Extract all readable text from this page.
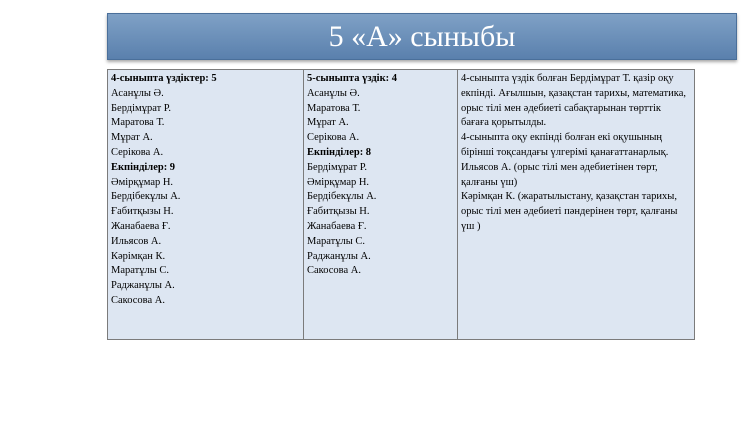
5 «А» сыныбы
4-сыныпта үздіктер: 5
Асанұлы Ә.
Бердімұрат Р.
Маратова Т.
Мұрат А.
Серікова А.
Екпінділер: 9
Әмірқұмар Н.
Бердібекұлы А.
Ғабитқызы Н.
Жанабаева Ғ.
Ильясов А.
Кәрімқан К.
Маратұлы С.
Раджанұлы А.
Сакосова А.

5-сыныпта үздік: 4
Асанұлы Ә.
Маратова Т.
Мұрат А.
Серікова А.
Екпінділер: 8
Бердімұрат Р.
Әмірқұмар Н.
Бердібекұлы А.
Ғабитқызы Н.
Жанабаева Ғ.
Маратұлы С.
Раджанұлы А.
Сакосова А.

4-сыныпта үздік болған Бердімұрат Т. қазір оқу екпінді. Ағылшын, қазақстан тарихы, математика, орыс тілі мен әдебиеті сабақтарынан төрттік бағаға қорытылды.
4-сыныпта оқу екпінді болған екі оқушының бірінші тоқсандағы үлгерімі қанағаттанарлық.
Ильясов А. (орыс тілі мен әдебиетінен төрт, қалғаны үш)
Кәрімқан К. (жаратылыстану, қазақстан тарихы, орыс тілі мен әдебиеті пәндерінен төрт, қалғаны үш )
